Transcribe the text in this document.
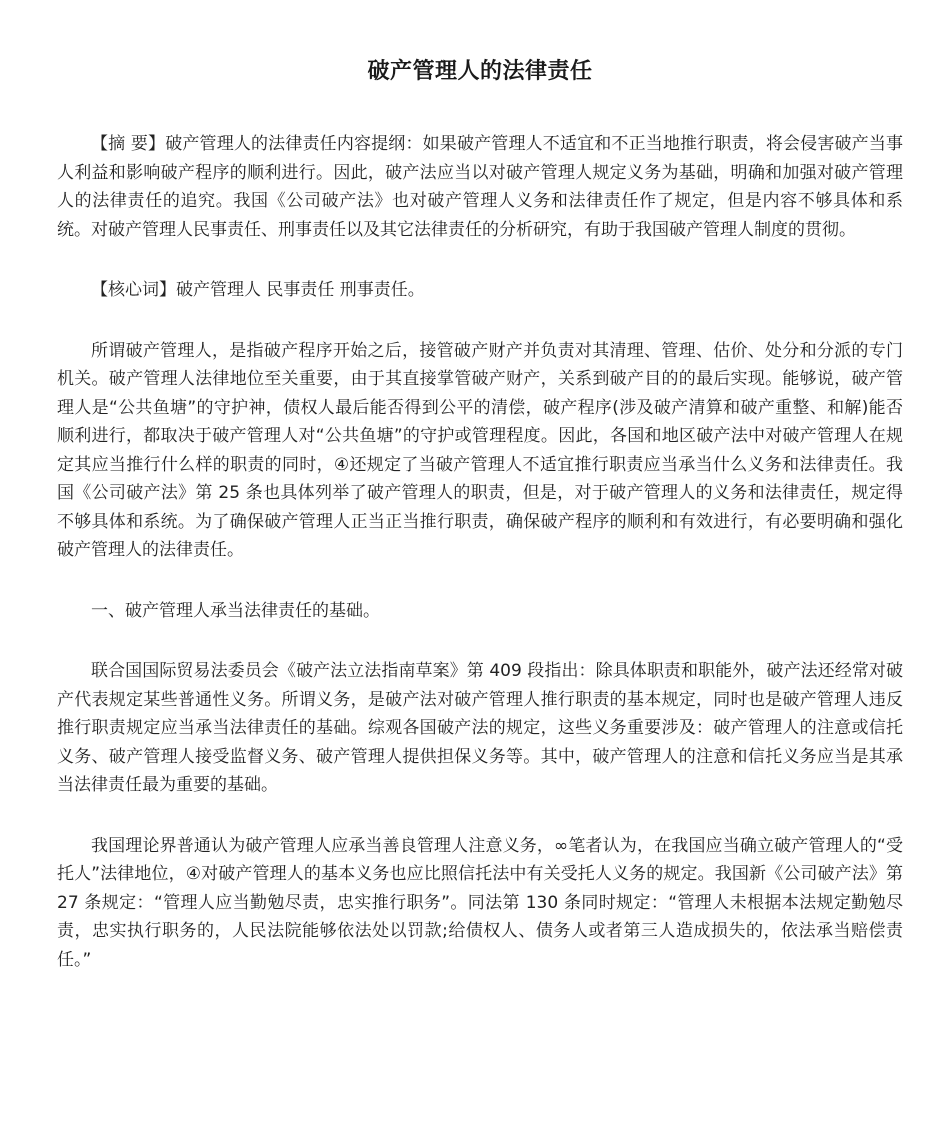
破产管理人的法律责任

【摘 要】破产管理人的法律责任内容提纲：如果破产管理人不适宜和不正当地推行职责，将会侵害破产当事人利益和影响破产程序的顺利进行。因此，破产法应当以对破产管理人规定义务为基础，明确和加强对破产管理人的法律责任的追究。我国《公司破产法》也对破产管理人义务和法律责任作了规定，但是内容不够具体和系统。对破产管理人民事责任、刑事责任以及其它法律责任的分析研究，有助于我国破产管理人制度的贯彻。

【核心词】破产管理人 民事责任 刑事责任。

所谓破产管理人，是指破产程序开始之后，接管破产财产并负责对其清理、管理、估价、处分和分派的专门机关。破产管理人法律地位至关重要，由于其直接掌管破产财产，关系到破产目的的最后实现。能够说，破产管理人是“公共鱼塘”的守护神，债权人最后能否得到公平的清偿，破产程序(涉及破产清算和破产重整、和解)能否顺利进行，都取决于破产管理人对“公共鱼塘”的守护或管理程度。因此，各国和地区破产法中对破产管理人在规定其应当推行什么样的职责的同时，④还规定了当破产管理人不适宜推行职责应当承当什么义务和法律责任。我国《公司破产法》第 25 条也具体列举了破产管理人的职责，但是，对于破产管理人的义务和法律责任，规定得不够具体和系统。为了确保破产管理人正当正当推行职责，确保破产程序的顺利和有效进行，有必要明确和强化破产管理人的法律责任。

一、破产管理人承当法律责任的基础。

联合国国际贸易法委员会《破产法立法指南草案》第 409 段指出：除具体职责和职能外，破产法还经常对破产代表规定某些普通性义务。所谓义务，是破产法对破产管理人推行职责的基本规定，同时也是破产管理人违反推行职责规定应当承当法律责任的基础。综观各国破产法的规定，这些义务重要涉及：破产管理人的注意或信托义务、破产管理人接受监督义务、破产管理人提供担保义务等。其中，破产管理人的注意和信托义务应当是其承当法律责任最为重要的基础。

我国理论界普通认为破产管理人应承当善良管理人注意义务，∞笔者认为，在我国应当确立破产管理人的“受托人”法律地位，④对破产管理人的基本义务也应比照信托法中有关受托人义务的规定。我国新《公司破产法》第 27 条规定：“管理人应当勤勉尽责，忠实推行职务”。同法第 130 条同时规定：“管理人未根据本法规定勤勉尽责，忠实执行职务的，人民法院能够依法处以罚款;给债权人、债务人或者第三人造成损失的，依法承当赔偿责任。”
